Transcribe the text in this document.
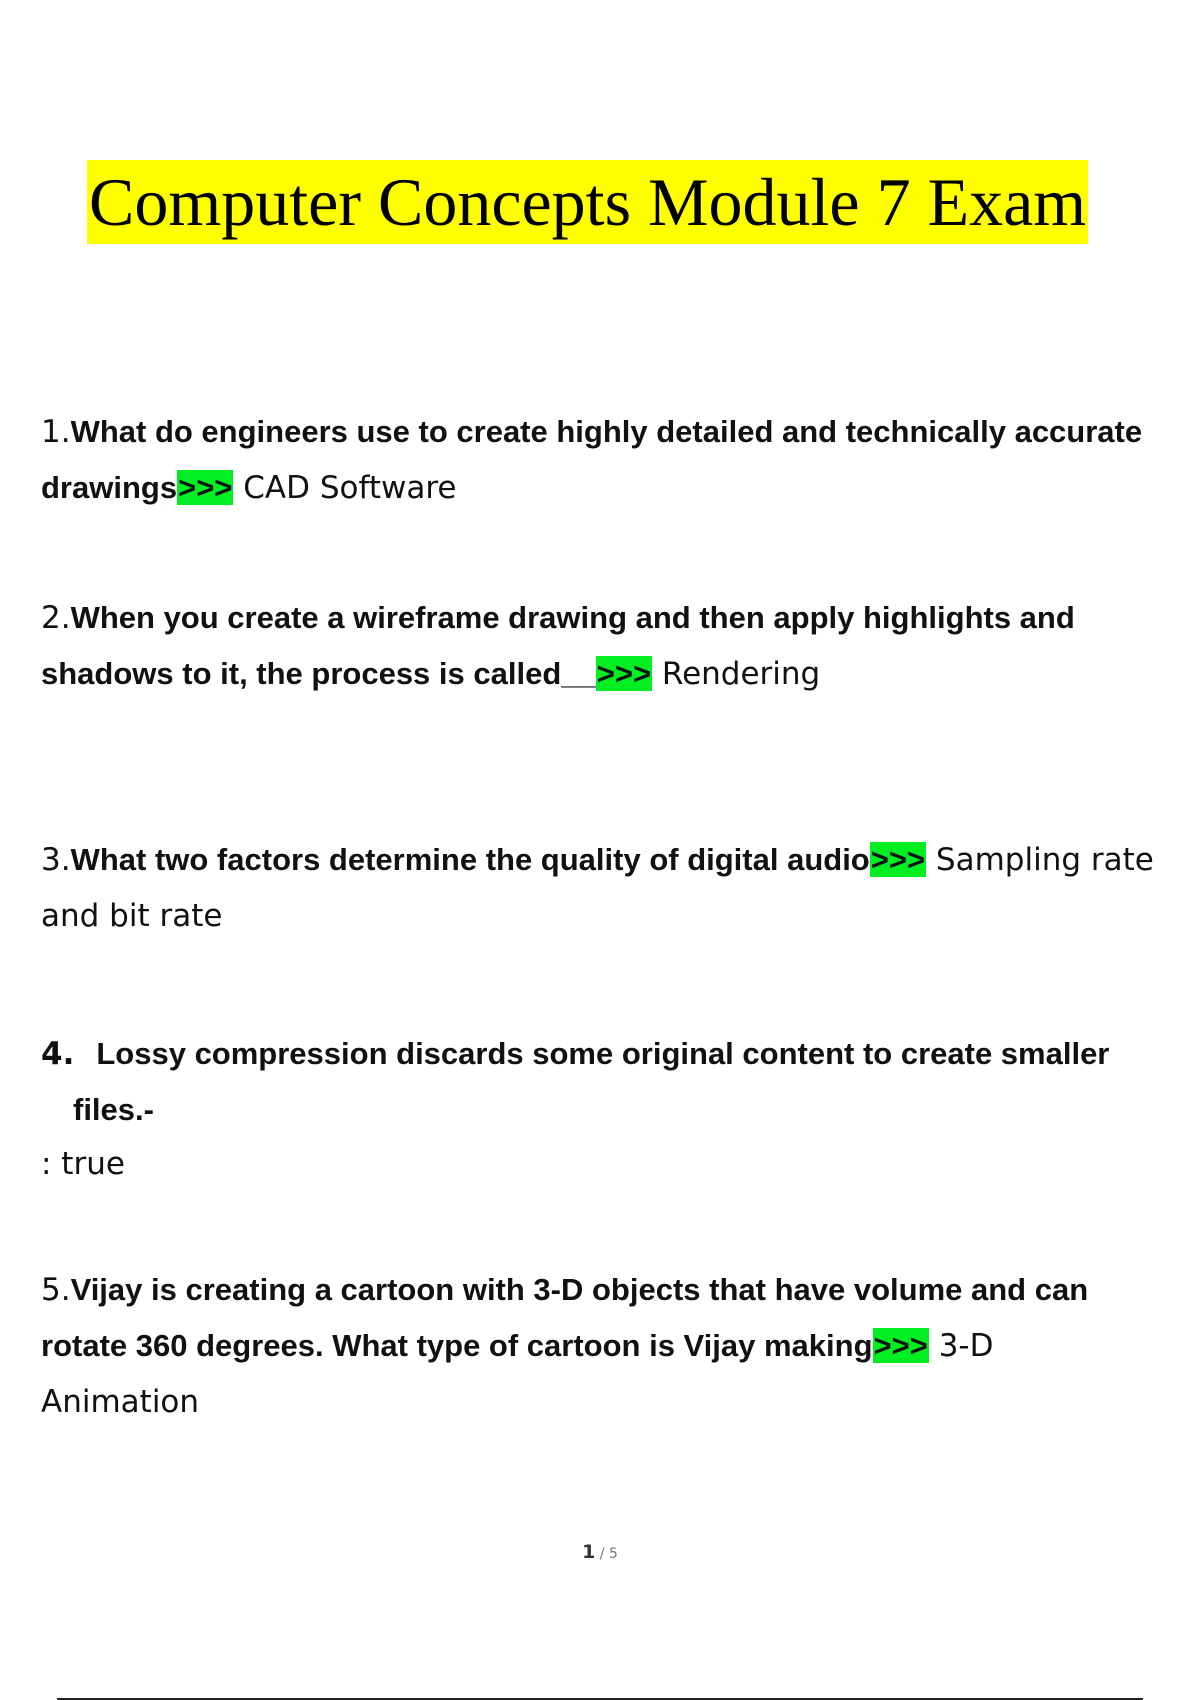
Computer Concepts Module 7 Exam
1.What do engineers use to create highly detailed and technically accurate drawings>>> CAD Software
2.When you create a wireframe drawing and then apply highlights and shadows to it, the process is called__>>> Rendering
3.What two factors determine the quality of digital audio>>> Sampling rate and bit rate
4. Lossy compression discards some original content to create smaller
files.-
: true
5.Vijay is creating a cartoon with 3-D objects that have volume and can rotate 360 degrees. What type of cartoon is Vijay making>>> 3-D Animation
1 / 5
